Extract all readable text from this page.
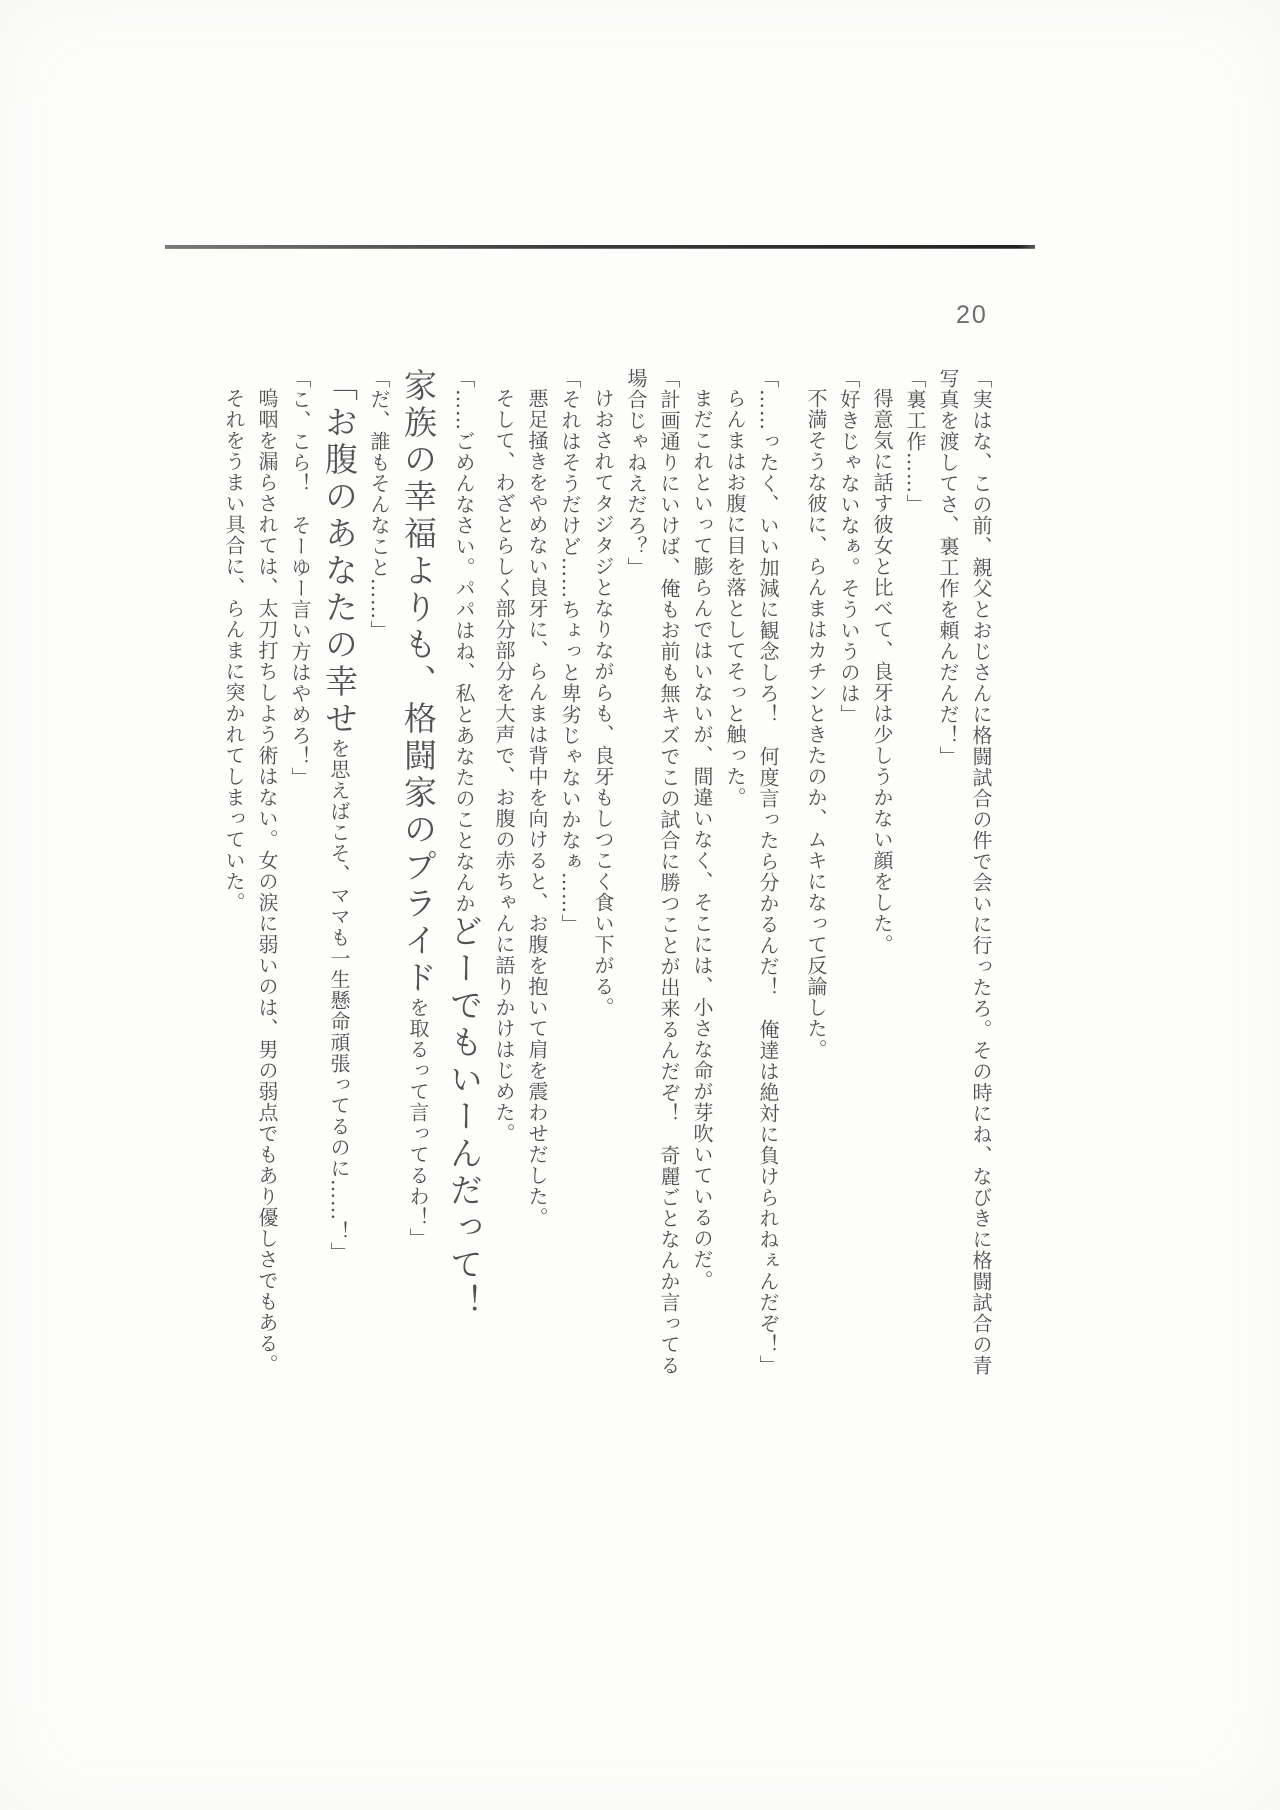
20
「実はな、この前、親父とおじさんに格闘試合の件で会いに行ったろ。その時にね、なびきに格闘試合の青
写真を渡してさ、裏工作を頼んだんだ！」
「裏工作……」
得意気に話す彼女と比べて、良牙は少しうかない顔をした。
「好きじゃないなぁ。そういうのは」
不満そうな彼に、らんまはカチンときたのか、ムキになって反論した。
「……ったく、いい加減に観念しろ！　何度言ったら分かるんだ！　俺達は絶対に負けられねぇんだぞ！」
らんまはお腹に目を落としてそっと触った。
まだこれといって膨らんではいないが、間違いなく、そこには、小さな命が芽吹いているのだ。
「計画通りにいけば、俺もお前も無キズでこの試合に勝つことが出来るんだぞ！　奇麗ごとなんか言ってる
場合じゃねえだろ？」
けおされてタジタジとなりながらも、良牙もしつこく食い下がる。
「それはそうだけど……ちょっと卑劣じゃないかなぁ……」
悪足掻きをやめない良牙に、らんまは背中を向けると、お腹を抱いて肩を震わせだした。
そして、わざとらしく部分部分を大声で、お腹の赤ちゃんに語りかけはじめた。
「……ごめんなさい。パパはね、私とあなたのことなんかどーでもいーんだって！
家族の幸福よりも、格闘家のプライドを取るって言ってるわ！」
「だ、誰もそんなこと……」
「お腹のあなたの幸せを思えばこそ、ママも一生懸命頑張ってるのに……！」
「こ、こら！　そーゆー言い方はやめろ！」
嗚咽を漏らされては、太刀打ちしよう術はない。女の涙に弱いのは、男の弱点でもあり優しさでもある。
それをうまい具合に、らんまに突かれてしまっていた。
